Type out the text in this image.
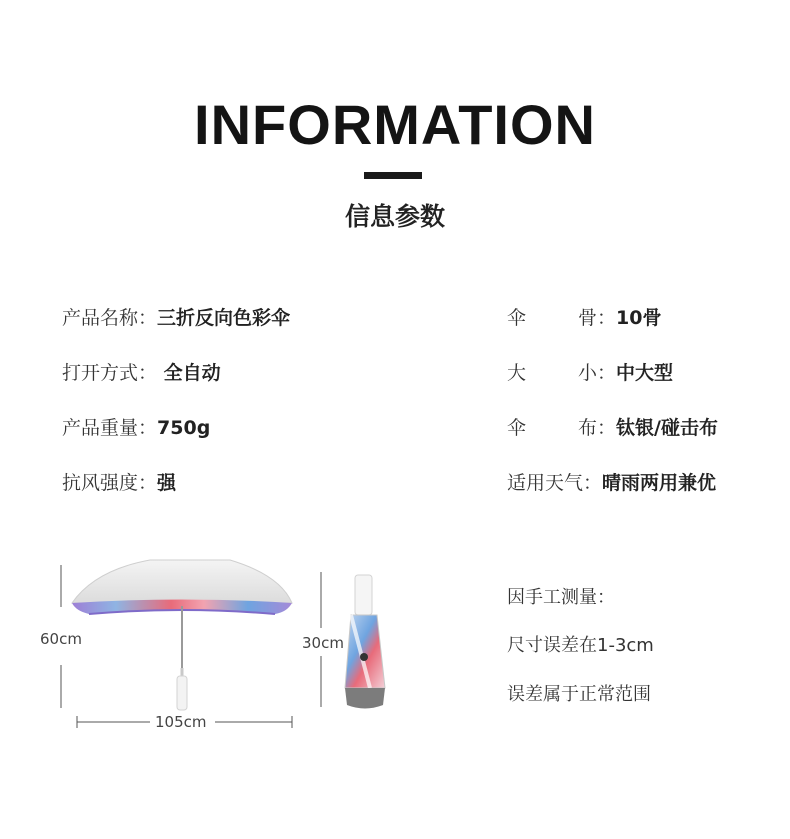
INFORMATION
信息参数
产品名称：三折反向色彩伞
打开方式： 全自动
产品重量：750g
抗风强度：强
伞骨：10骨
大小：中大型
伞布：钛银/碰击布
适用天气：晴雨两用兼优
60cm
105cm
30cm
因手工测量：
尺寸误差在1-3cm
误差属于正常范围
